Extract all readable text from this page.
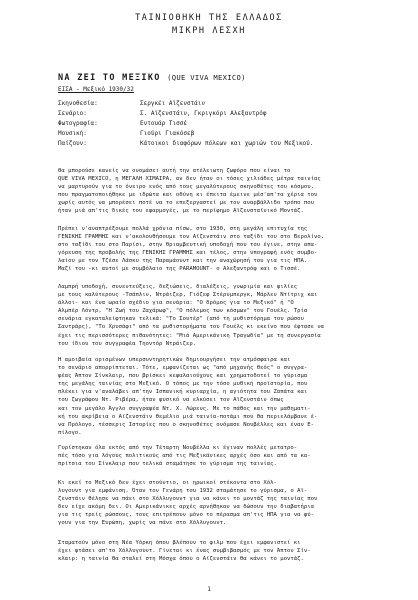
ΤΑΙΝΙΟΘΗΚΗ ΤΗΣ ΕΛΛΑΔΟΣ
ΜΙΚΡΗ ΛΕΣΧΗ
ΝΑ ΖΕΙ ΤΟ ΜΕΞΙΚΟ (QUE VIVA MEXICO)
ΕΙΣΑ - Μεξικό 1930/32
Σκηνοθεσία:	Σεργκέι Αϊζενστάιν
Σενάριο:	Σ. Αϊζενστάιν, Γκριγκόρι Αλεξαντρόφ
Φωτογραφία:	Εντουάρ Τισσέ
Μουσική:	Γιούρι Γιακόσεβ
Παίζουν:	Κάτοικοι διαφόρων πόλεων και χωριών του Μεξικού.
Θα μπορούσε κανείς να ονομάσει αυτή την ατέλειωτη ζωφόρο που είναι το
QUE VIVA MEXICO, η ΜΕΓΑΛΗ ΧΙΜΑΙΡΑ, αν δεν ήταν οι τόσες χιλιάδες μέτρα ταινίας
να μαρτυρούν για το όνειρο ενός από τους μεγαλύτερους σκηνοθέτες του κόσμου,
που πραγματοποιήθηκε με ιδρώτα και οδύνη κι έπειτα έμεινε μέσ'απ'τα χέρια του
χωρίς αυτός να μπορέσει ποτέ να το επεξεργαστεί με τον αναρβάλλιδο τρόπο που
ήταν μιά απ'τις δικές του εφαρμογές, με το περίφημο Αϊζενσταϊνικό Μοντάζ.
Πρέπει ν'αναπτρέξουμε πολλά χρόνια πίσω, στο 1930, στη μεγάλη επιτυχία της
ΓΕΝΙΚΗΣ ΓΡΑΜΜΗΣ και ν'ακολουθήσουμε τον Αϊζενστάιν στο ταξίδι του στο Βερολίνο,
στο ταξίδι του στο Παρίσι, στην θριαμβευτική υποδοχή που του έγινε, στην απα-
γόρευση της προβολής της ΓΕΝΙΚΗΣ ΓΡΑΜΜΗΣ και τέλος, στην υπογραφή ενός συμβο-
λαίου με τον Τζέσε Λάσκυ της Παραμάουντ και την αναχώρησή του για τις ΗΠΑ.
Μαζί του -κι αυτοί με συμβόλαιο της PARAMOUNT- ο Αλεξαντρόφ και ο Τισσέ.
Λαμπρή υποδοχή, συνεντεύξεις, δεξιώσεις, διαλέξεις, γνωριμία και φιλίες
με τους καλύτερους -Τσάπλιν, Ντράιζερ, Γιόζεφ Στέρνμπεργκ, Μάρλεν Ντίτριχ και
άλλοι- και ένα ωραίο σχέδιο για σενάρια: "Ο δρόμος για το Μεξικό" ή "Ο
Αλμπέρ Λόντρ, "Η Ζωή του Ζαχάρωφ", "Ο πόλεμος των κόσμων" του Γουέλς. Τρία
σενάρια εγκαταλείφτηκαν τελικά: "Το Σουτέρ" (από τη μυθιστόρημα του ρώσου
Σαντράρς), "Το Χρυσάφι" από τα μυθιστορήματα του Γουέλς κι εκείνο που έφτασε να
έχει τις περισσότερες πιθανότητες: "Μιά Αμερικάνικη Τραγωδία" με τη συνεργασία
του ίδιου του συγγραφέα Τηοντόρ Ντράιζερ.
Η αμοιβαία ορισμένων υπερσυντηρητικών δημιουργήσει την ατμόσφαιρα και
το σενάριο απορρίπτεται. Τότε, εμφανίζεται ως "από μηχανής θεός" ο συγγρα-
φέας Άπτον Σίνκλαιρ, που βρίσκει κεφαλαιούχους και χρηματοδοτεί το γύρισμα
της μεγάλης ταινίας στο Μεξικό. Ο τόπος με την τόσο μυθική προϊστορία, που
πλέκει για ν'αναλάβει απ'την Ισπανική κυριαρχία, η αγιότητα του Ζαπάτα και
του ζωγράφου Ντ. Ριβέρα, ήταν φυσικό να ελκύσει τον Αϊζενστάιν όπως
και τον μεγάλο Άγγλο συγγραφέα Ντ. Χ. Λώρενς. Με το πάθος και την μαθηματι-
κή του ακρίβεια ο Αϊζενστάιν θεμέλιο μιά ταινία-ποτάμι που θα περιελάμβανε έ-
να Πρόλογο, τέσσερις Ιστορίες που ο σκηνοθέτες ονόμασε Νουβέλλες και έναν Ε-
πίλογο.
Γυρίστηκαν όλα εκτός από την Τέταρτη Νουβέλλα κι έγιναν πολλές μετατρο-
πές τόσο για λόγους πολιτικούς από τις Μεξικάνικες αρχές όσο και από τα κα-
πρίτσια του Σίνκλαιρ που τελικά σταμάτησε το γύρισμα της ταινίας.
Κι εκεί το Μεξικό δεν έχει στούντιο, οι ηρωικοί στέκοντα στο Χόλ-
λυγουντ για εμφάνιση. Όταν τον Γενάρη του 1932 σταμάτησε το γύρισμα, ο Αϊ-
ζενστάιν θέλησε να πάει στο Χόλλυγουντ για να κάνει το μοντάζ της ταινίας που
δεν είχε ακόμη δει. Οι Αμερικάνικες αρχές αρνήθηκαν να δώσουν την διαβατήρια
για τις τρείς ρώσσους, τους επιτρέπουν μόνο το πέρασμα απ'τις ΗΠΑ για να φύ-
γουν για την Ευρώπη, χωρίς να πάνε στο Χόλλυγουντ.
Σταματούν μόνο στη Νέα Υόρκη όπου βλέπουν το φιλμ που έχει εμφανιστεί κι
έχει φτάσει απ'το Χόλλυγουντ. Γίνεται κι ένας συμβιβασμός με τον Άπτον Σίν-
κλαιρ: η ταινία θα σταλεί στη Μόσχα όπου ο Αϊζενστάιν θα κάνει το μοντάζ.
1
